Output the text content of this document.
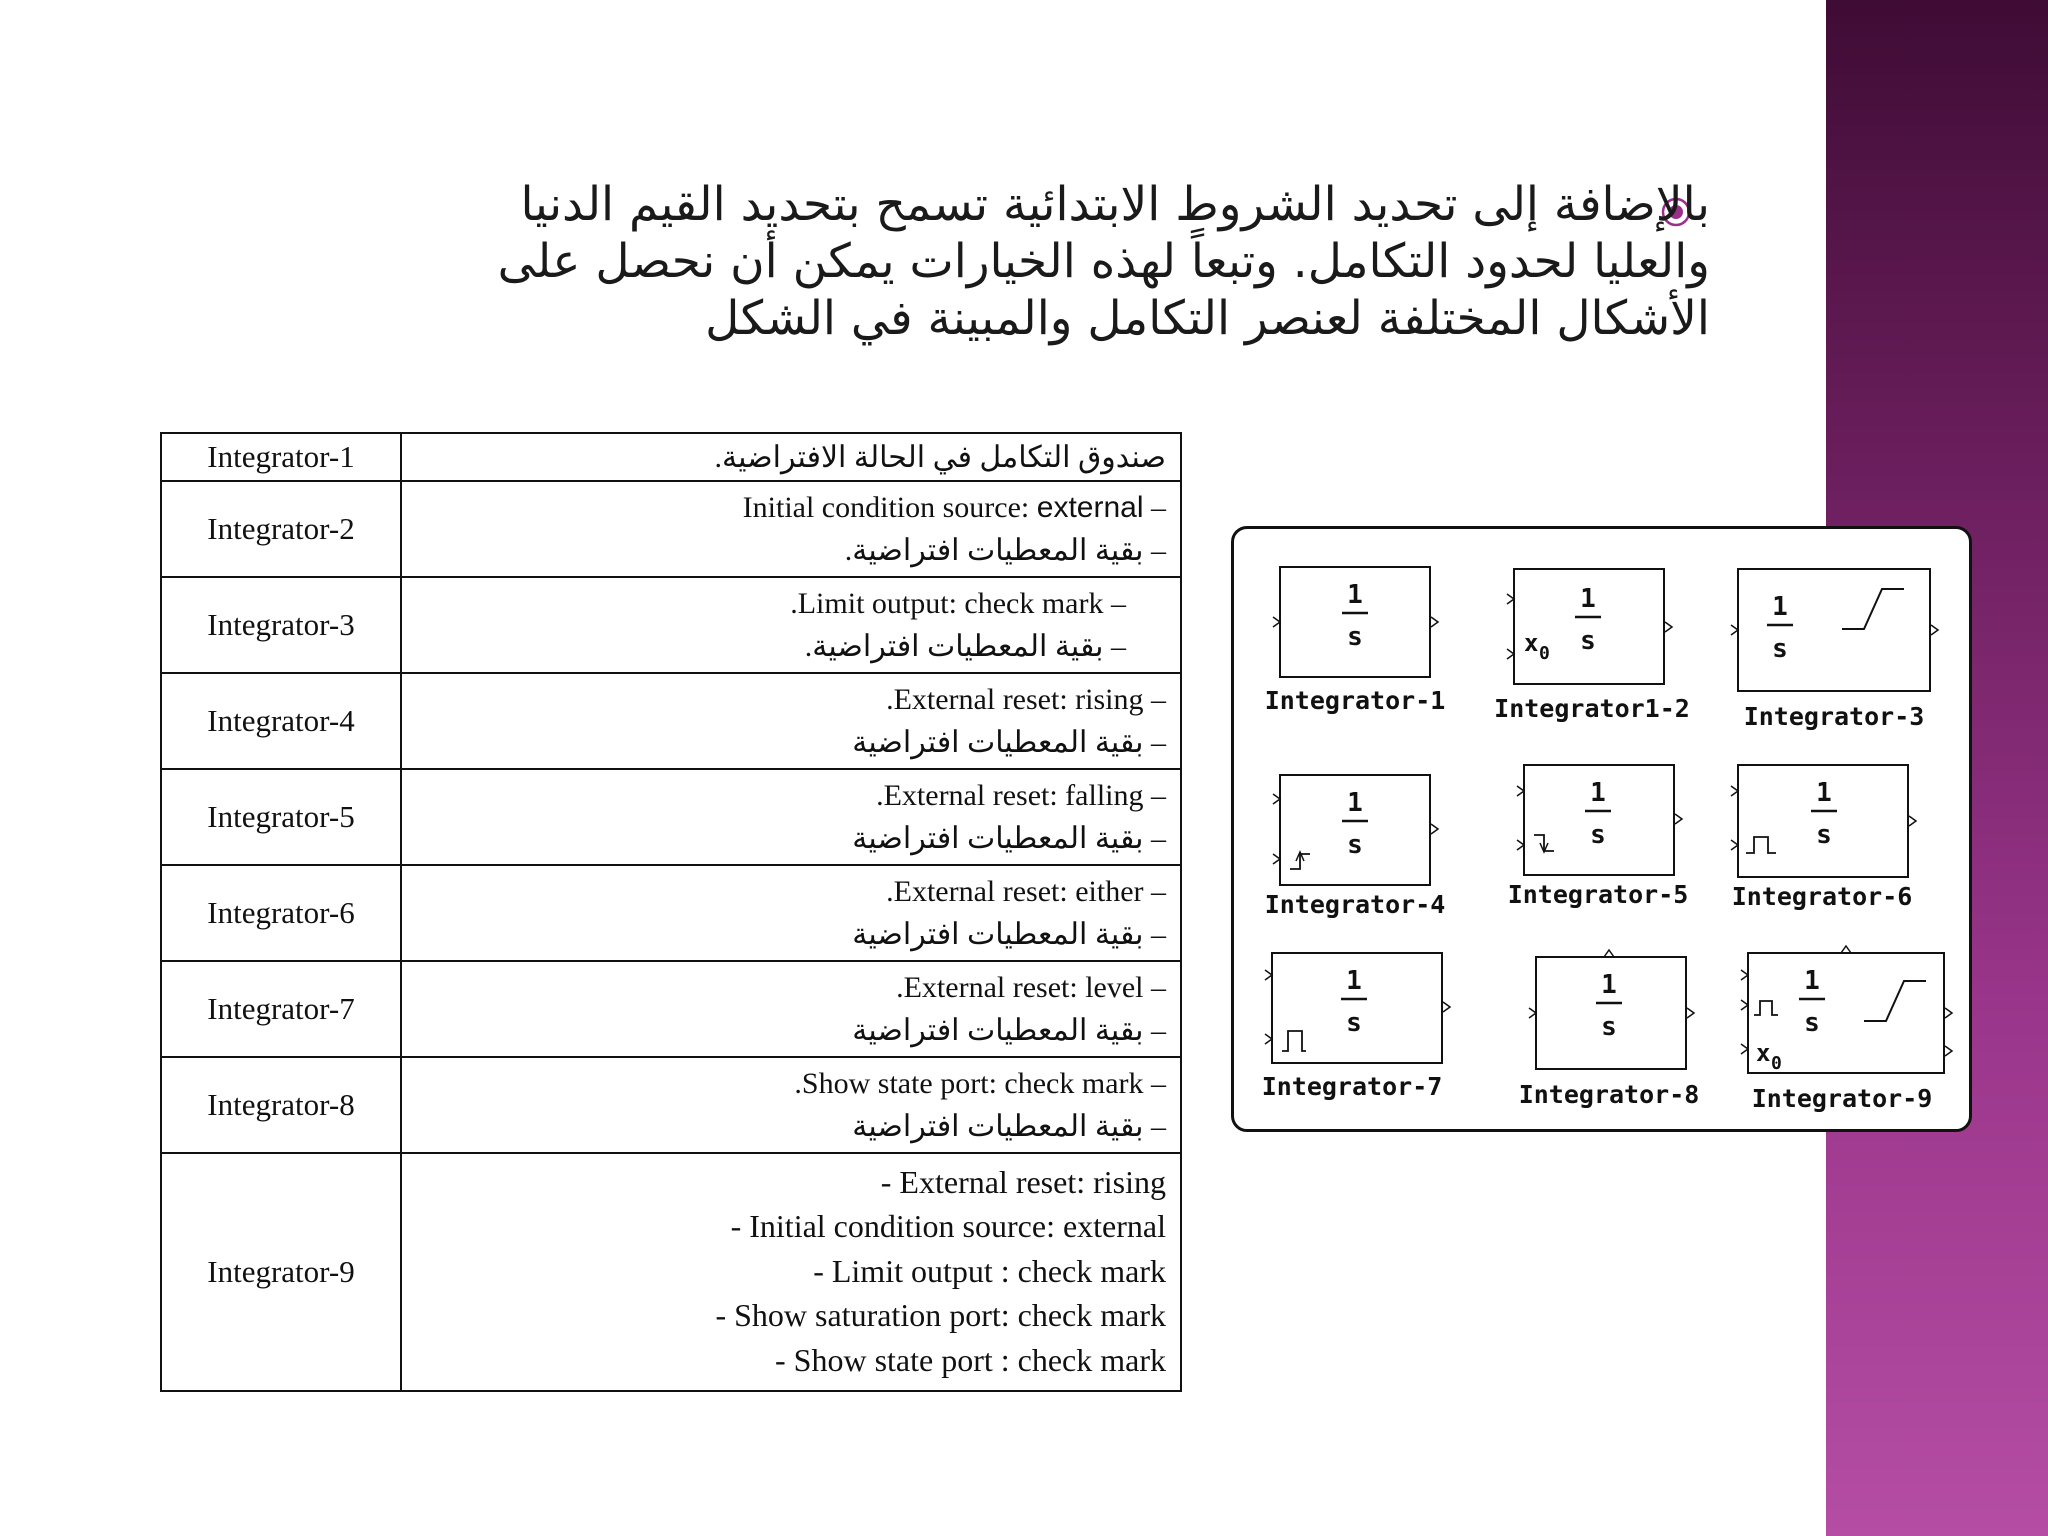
بالإضافة إلى تحديد الشروط الابتدائية تسمح بتحديد القيم الدنيا
والعليا لحدود التكامل. وتبعاً لهذه الخيارات يمكن أن نحصل على
الأشكال المختلفة لعنصر التكامل والمبينة في الشكل
Integrator-1	صندوق التكامل في الحالة الافتراضية.

Integrator-2	Initial condition source: external –
– بقية المعطيات افتراضية.

Integrator-3	.Limit output: check mark –
– بقية المعطيات افتراضية.

Integrator-4	.External reset: rising –
– بقية المعطيات افتراضية

Integrator-5	.External reset: falling –
– بقية المعطيات افتراضية

Integrator-6	.External reset: either –
– بقية المعطيات افتراضية

Integrator-7	.External reset: level –
– بقية المعطيات افتراضية

Integrator-8	.Show state port: check mark –
– بقية المعطيات افتراضية

Integrator-9	- External reset: rising
- Initial condition source: external
- Limit output : check mark
- Show saturation port: check mark
- Show state port : check mark
1
s
Integrator-1
1
s
x 0
Integrator1-2
1
s
Integrator-3
1
s
Integrator-4
1
s
Integrator-5
1
s
Integrator-6
1
s
Integrator-7
1
s
Integrator-8
1
s
x 0
Integrator-9
